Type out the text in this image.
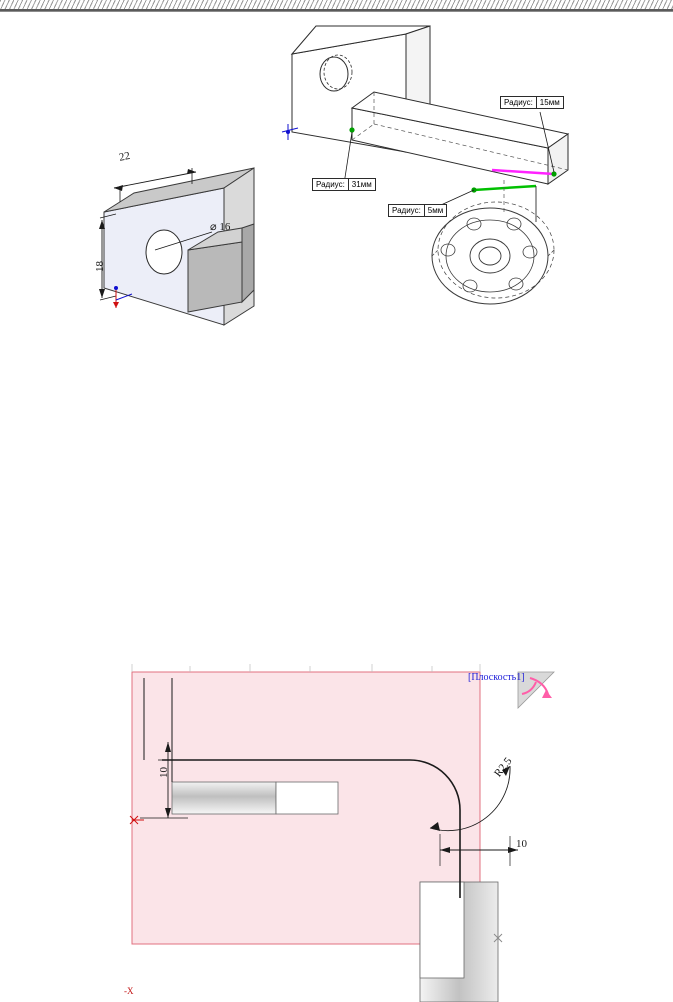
22
18
⌀ 16
Радиус: 15мм
Радиус: 31мм
Радиус: 5мм
[Плоскость1]
10	R2.5
10
-X
